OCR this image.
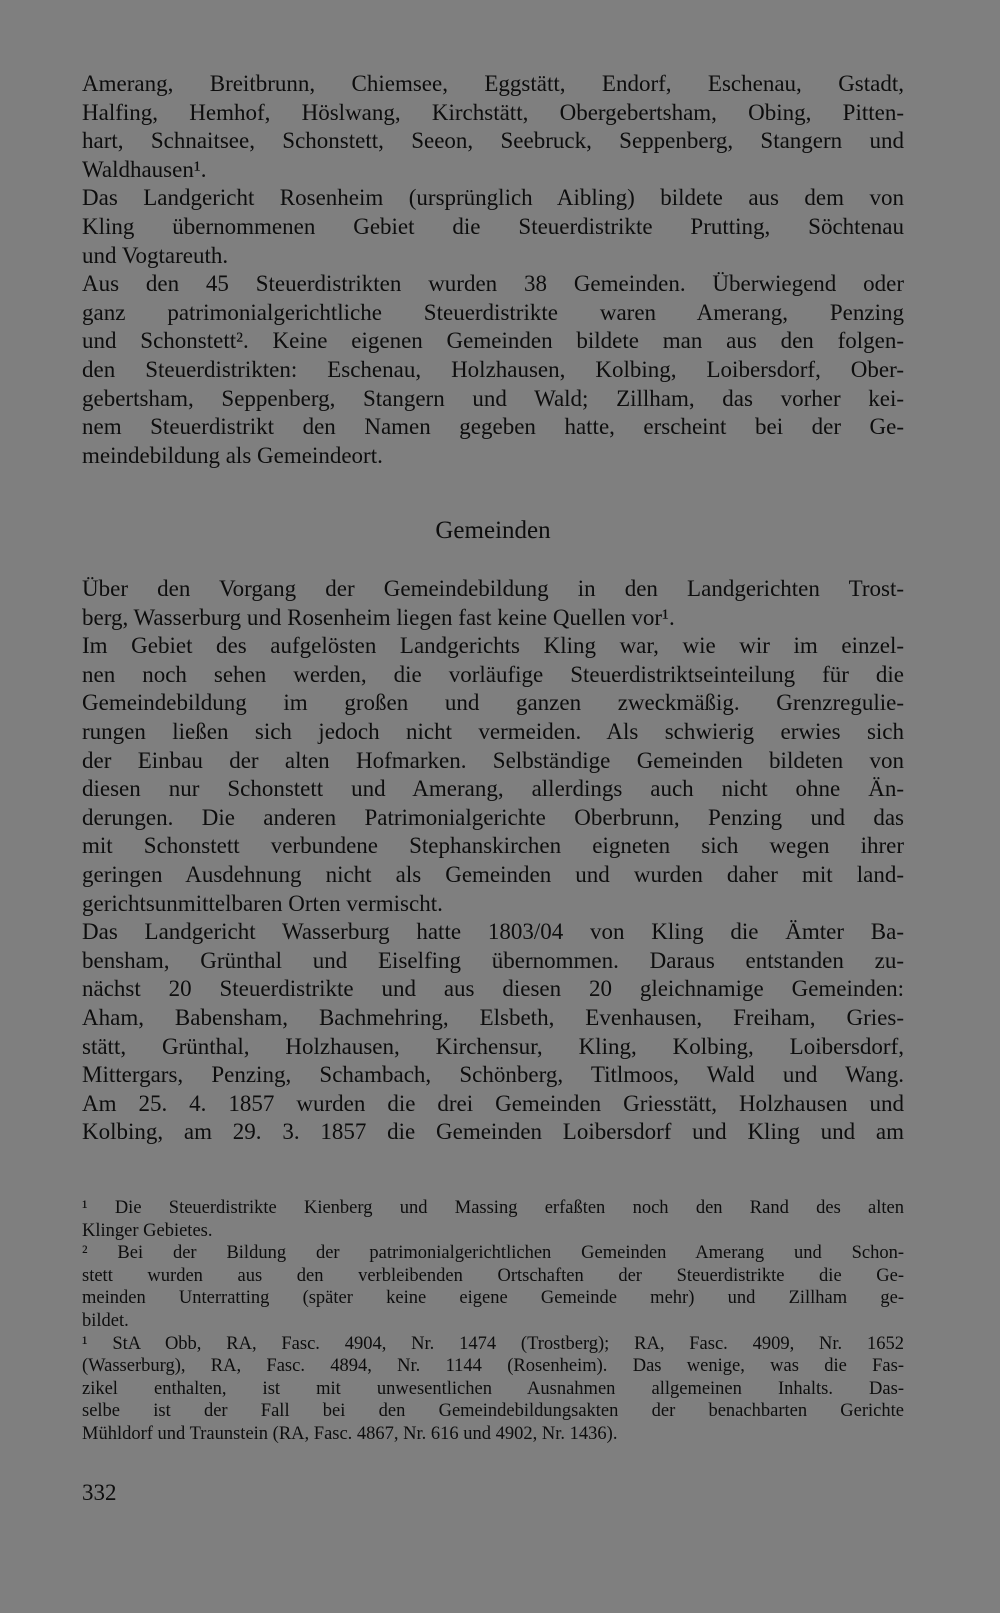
Amerang, Breitbrunn, Chiemsee, Eggstätt, Endorf, Eschenau, Gstadt,
Halfing, Hemhof, Höslwang, Kirchstätt, Obergebertsham, Obing, Pitten-
hart, Schnaitsee, Schonstett, Seeon, Seebruck, Seppenberg, Stangern und
Waldhausen¹.
Das Landgericht Rosenheim (ursprünglich Aibling) bildete aus dem von
Kling übernommenen Gebiet die Steuerdistrikte Prutting, Söchtenau
und Vogtareuth.
Aus den 45 Steuerdistrikten wurden 38 Gemeinden. Überwiegend oder
ganz patrimonialgerichtliche Steuerdistrikte waren Amerang, Penzing
und Schonstett². Keine eigenen Gemeinden bildete man aus den folgen-
den Steuerdistrikten: Eschenau, Holzhausen, Kolbing, Loibersdorf, Ober-
gebertsham, Seppenberg, Stangern und Wald; Zillham, das vorher kei-
nem Steuerdistrikt den Namen gegeben hatte, erscheint bei der Ge-
meindebildung als Gemeindeort.
Gemeinden
Über den Vorgang der Gemeindebildung in den Landgerichten Trost-
berg, Wasserburg und Rosenheim liegen fast keine Quellen vor¹.
Im Gebiet des aufgelösten Landgerichts Kling war, wie wir im einzel-
nen noch sehen werden, die vorläufige Steuerdistriktseinteilung für die
Gemeindebildung im großen und ganzen zweckmäßig. Grenzregulie-
rungen ließen sich jedoch nicht vermeiden. Als schwierig erwies sich
der Einbau der alten Hofmarken. Selbständige Gemeinden bildeten von
diesen nur Schonstett und Amerang, allerdings auch nicht ohne Än-
derungen. Die anderen Patrimonialgerichte Oberbrunn, Penzing und das
mit Schonstett verbundene Stephanskirchen eigneten sich wegen ihrer
geringen Ausdehnung nicht als Gemeinden und wurden daher mit land-
gerichtsunmittelbaren Orten vermischt.
Das Landgericht Wasserburg hatte 1803/04 von Kling die Ämter Ba-
bensham, Grünthal und Eiselfing übernommen. Daraus entstanden zu-
nächst 20 Steuerdistrikte und aus diesen 20 gleichnamige Gemeinden:
Aham, Babensham, Bachmehring, Elsbeth, Evenhausen, Freiham, Gries-
stätt, Grünthal, Holzhausen, Kirchensur, Kling, Kolbing, Loibersdorf,
Mittergars, Penzing, Schambach, Schönberg, Titlmoos, Wald und Wang.
Am 25. 4. 1857 wurden die drei Gemeinden Griesstätt, Holzhausen und
Kolbing, am 29. 3. 1857 die Gemeinden Loibersdorf und Kling und am
¹ Die Steuerdistrikte Kienberg und Massing erfaßten noch den Rand des alten
Klinger Gebietes.
² Bei der Bildung der patrimonialgerichtlichen Gemeinden Amerang und Schon-
stett wurden aus den verbleibenden Ortschaften der Steuerdistrikte die Ge-
meinden Unterratting (später keine eigene Gemeinde mehr) und Zillham ge-
bildet.
¹ StA Obb, RA, Fasc. 4904, Nr. 1474 (Trostberg); RA, Fasc. 4909, Nr. 1652
(Wasserburg), RA, Fasc. 4894, Nr. 1144 (Rosenheim). Das wenige, was die Fas-
zikel enthalten, ist mit unwesentlichen Ausnahmen allgemeinen Inhalts. Das-
selbe ist der Fall bei den Gemeindebildungsakten der benachbarten Gerichte
Mühldorf und Traunstein (RA, Fasc. 4867, Nr. 616 und 4902, Nr. 1436).
332
